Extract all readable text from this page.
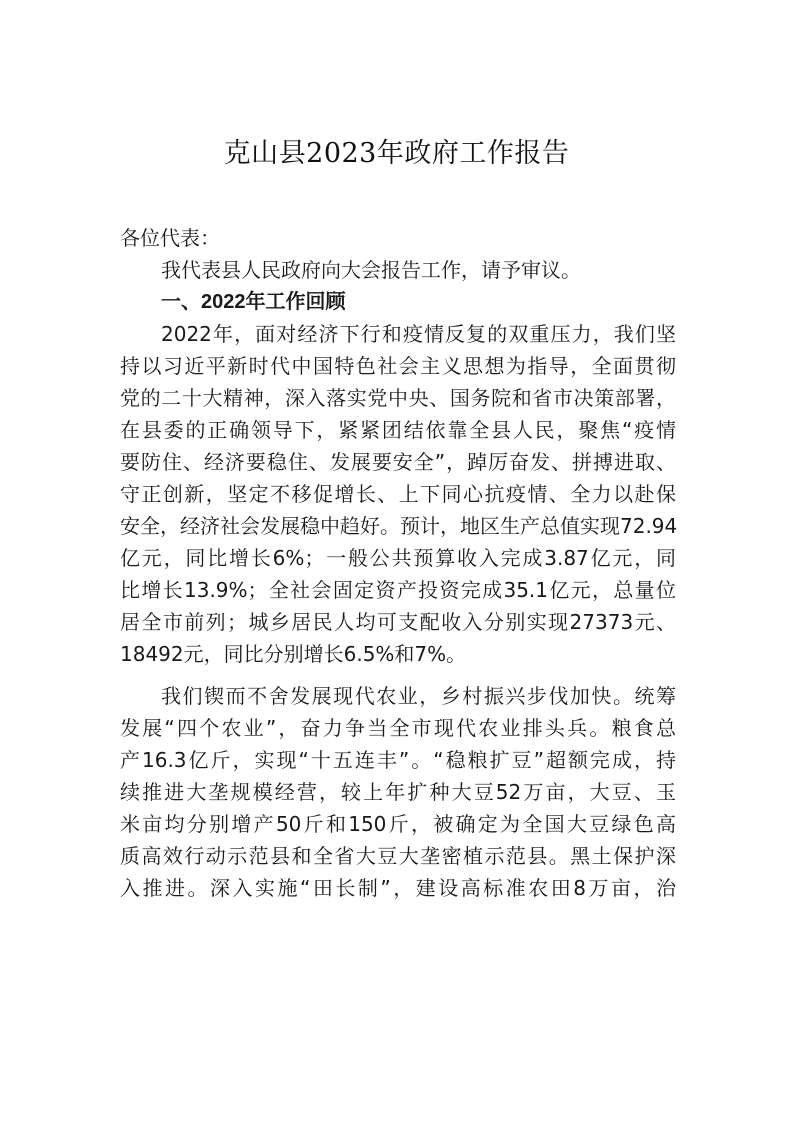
克山县2023年政府工作报告
各位代表：
我代表县人民政府向大会报告工作，请予审议。
一、2022年工作回顾
2022年，面对经济下行和疫情反复的双重压力，我们坚
持以习近平新时代中国特色社会主义思想为指导，全面贯彻
党的二十大精神，深入落实党中央、国务院和省市决策部署，
在县委的正确领导下，紧紧团结依靠全县人民，聚焦“疫情
要防住、经济要稳住、发展要安全”，踔厉奋发、拼搏进取、
守正创新，坚定不移促增长、上下同心抗疫情、全力以赴保
安全，经济社会发展稳中趋好。预计，地区生产总值实现72.94
亿元，同比增长6%；一般公共预算收入完成3.87亿元，同
比增长13.9%；全社会固定资产投资完成35.1亿元，总量位
居全市前列；城乡居民人均可支配收入分别实现27373元、
18492元，同比分别增长6.5%和7%。
我们锲而不舍发展现代农业，乡村振兴步伐加快。统筹
发展“四个农业”，奋力争当全市现代农业排头兵。粮食总
产16.3亿斤，实现“十五连丰”。“稳粮扩豆”超额完成，持
续推进大垄规模经营，较上年扩种大豆52万亩，大豆、玉
米亩均分别增产50斤和150斤，被确定为全国大豆绿色高
质高效行动示范县和全省大豆大垄密植示范县。黑土保护深
入推进。深入实施“田长制”，建设高标准农田8万亩，治
